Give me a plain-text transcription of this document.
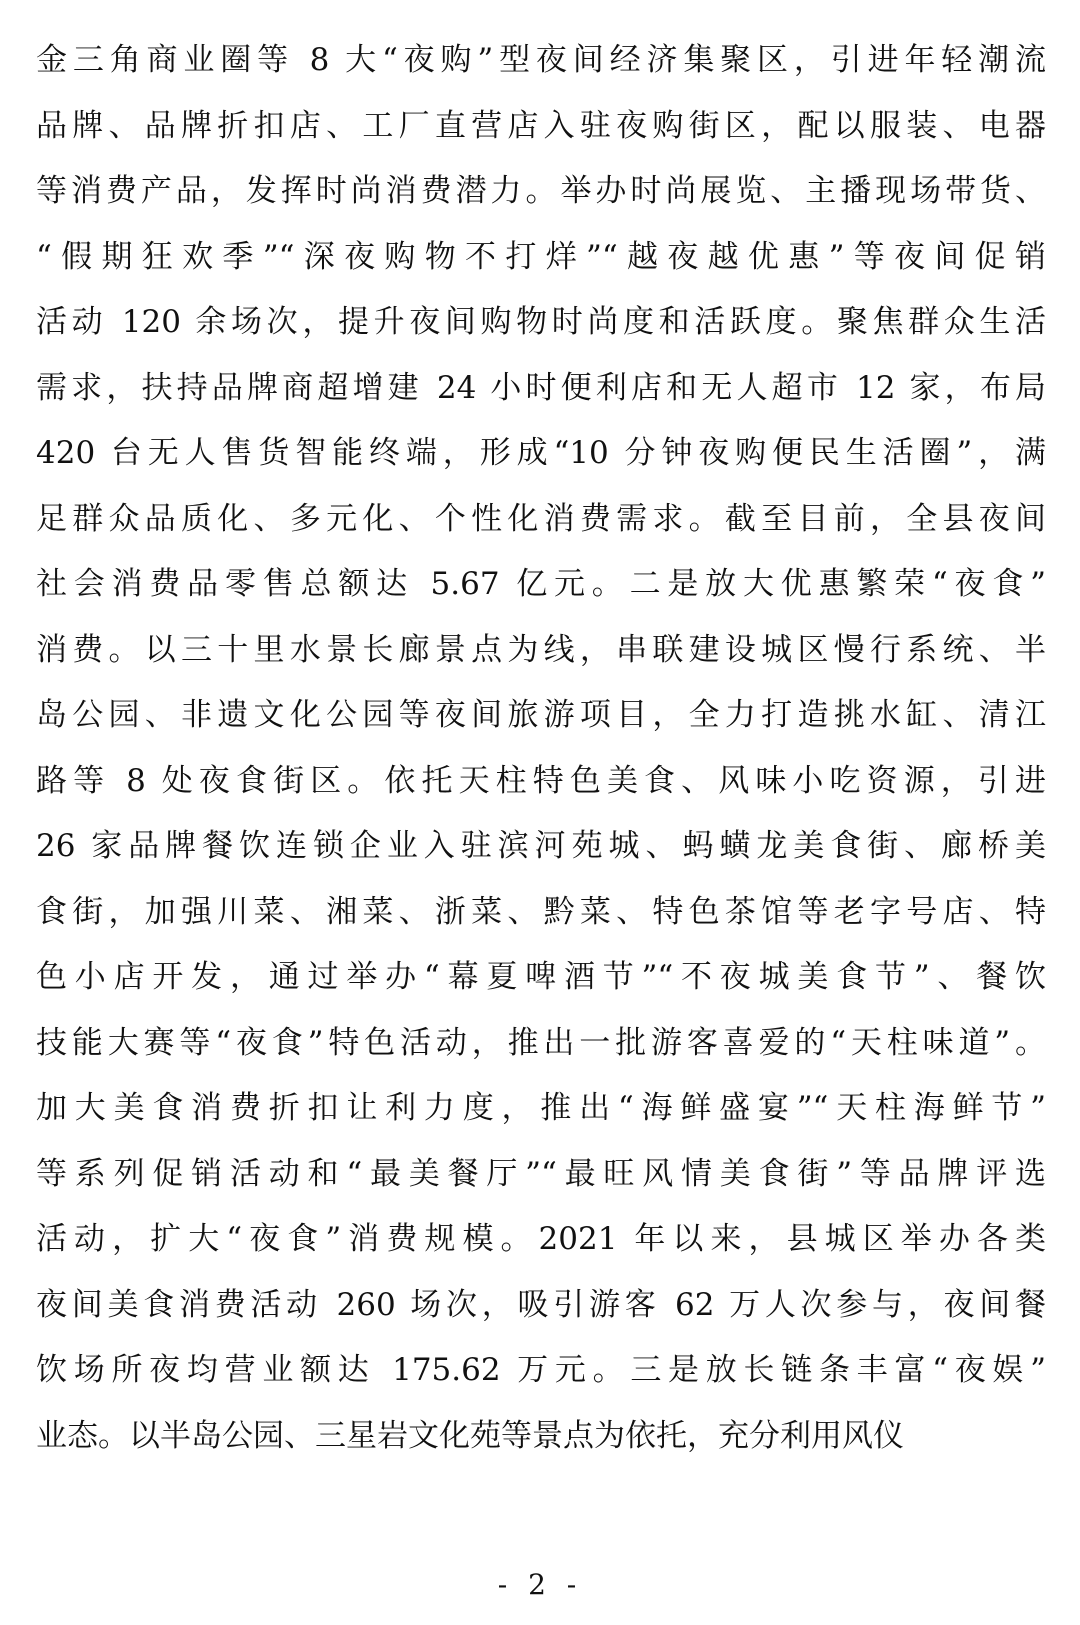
金三角商业圈等 8 大“夜购”型夜间经济集聚区，引进年轻潮流
品牌、品牌折扣店、工厂直营店入驻夜购街区，配以服装、电器
等消费产品，发挥时尚消费潜力。举办时尚展览、主播现场带货、
“假期狂欢季”“深夜购物不打烊”“越夜越优惠”等夜间促销
活动 120 余场次，提升夜间购物时尚度和活跃度。聚焦群众生活
需求，扶持品牌商超增建 24 小时便利店和无人超市 12 家，布局
420 台无人售货智能终端，形成“10 分钟夜购便民生活圈”，满
足群众品质化、多元化、个性化消费需求。截至目前，全县夜间
社会消费品零售总额达 5.67 亿元。二是放大优惠繁荣“夜食”
消费。以三十里水景长廊景点为线，串联建设城区慢行系统、半
岛公园、非遗文化公园等夜间旅游项目，全力打造挑水缸、清江
路等 8 处夜食街区。依托天柱特色美食、风味小吃资源，引进
26 家品牌餐饮连锁企业入驻滨河苑城、蚂蟥龙美食街、廊桥美
食街，加强川菜、湘菜、浙菜、黔菜、特色茶馆等老字号店、特
色小店开发，通过举办“幕夏啤酒节”“不夜城美食节”、餐饮
技能大赛等“夜食”特色活动，推出一批游客喜爱的“天柱味道”。
加大美食消费折扣让利力度，推出“海鲜盛宴”“天柱海鲜节”
等系列促销活动和“最美餐厅”“最旺风情美食街”等品牌评选
活动，扩大“夜食”消费规模。2021 年以来，县城区举办各类
夜间美食消费活动 260 场次，吸引游客 62 万人次参与，夜间餐
饮场所夜均营业额达 175.62 万元。三是放长链条丰富“夜娱”
业态。以半岛公园、三星岩文化苑等景点为依托，充分利用风仪
- 2 -
